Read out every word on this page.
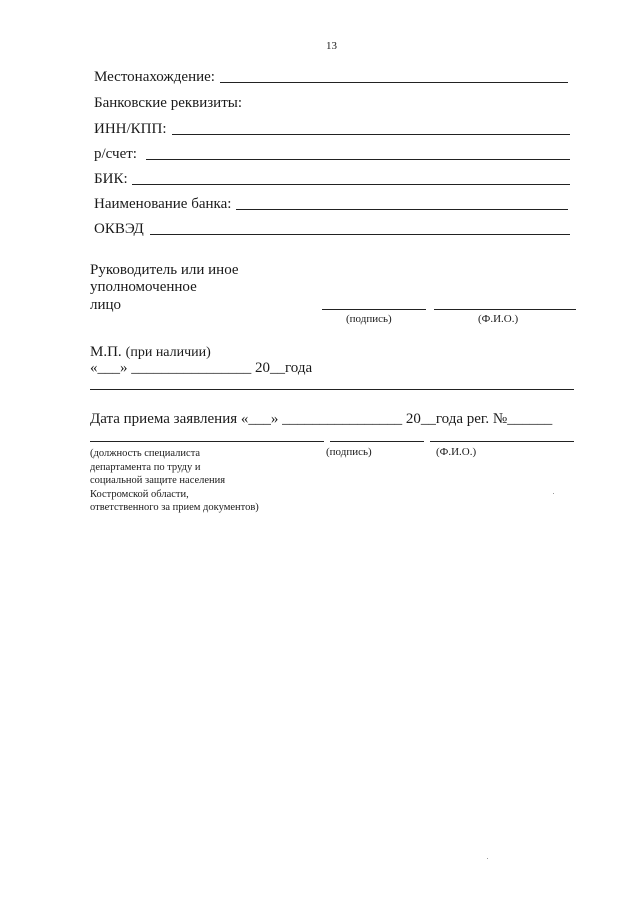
13
Местонахождение:
Банковские реквизиты:
ИНН/КПП:
р/счет:
БИК:
Наименование банка:
ОКВЭД
Руководитель или иное
уполномоченное
лицо
(подпись)	(Ф.И.О.)
М.П. (при наличии)
«___» ________________ 20__года
Дата приема заявления «___» ________________ 20__года рег. №______
(должность специалиста
департамента по труду и
социальной защите населения
Костромской области,
ответственного за прием документов)
(подпись)	(Ф.И.О.)
